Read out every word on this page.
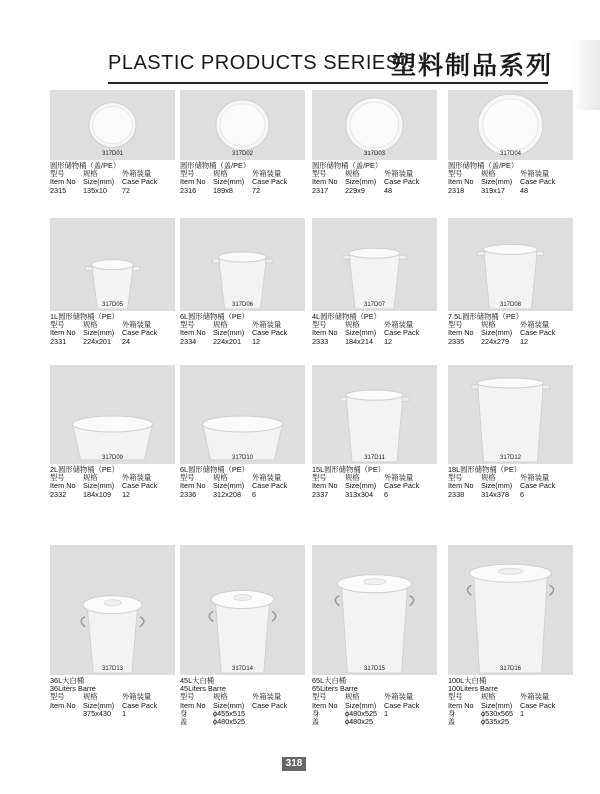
PLASTIC PRODUCTS SERIES
塑料制品系列
317D01
圆形储物桶（盖/PE）
型号	规格	外箱装量
Item No Size(mm) Case Pack
2315 135x10 72
317D02
圆形储物桶（盖/PE）
型号	规格	外箱装量
Item No Size(mm) Case Pack
2316 189x8	72
317D03
圆形储物桶（盖/PE）
型号	规格	外箱装量
Item No Size(mm) Case Pack
2317 229x9	48
317D04
圆形储物桶（盖/PE）
型号	规格	外箱装量
Item No Size(mm) Case Pack
2318 319x17 48
317D05
1L圆形储物桶（PE）
型号	规格	外箱装量
Item No Size(mm) Case Pack
2331 224x201 24
317D06
6L圆形储物桶（PE）
型号	规格	外箱装量
Item No Size(mm) Case Pack
2334 224x201 12
317D07
4L圆形储物桶（PE）
型号	规格	外箱装量
Item No Size(mm) Case Pack
2333 184x214 12
317D08
7.5L圆形储物桶（PE）
型号	规格	外箱装量
Item No Size(mm) Case Pack
2335 224x279 12
317D09
2L圆形储物桶（PE）
型号	规格	外箱装量
Item No Size(mm) Case Pack
2332 184x109 12
317D10
6L圆形储物桶（PE）
型号	规格	外箱装量
Item No Size(mm) Case Pack
2336 312x208 6
317D11
15L圆形储物桶（PE）
型号	规格	外箱装量
Item No Size(mm) Case Pack
2337 313x304 6
317D12
18L圆形储物桶（PE）
型号	规格	外箱装量
Item No Size(mm) Case Pack
2338 314x378 6
317D13
36L大白桶
36Liters Barre
型号	规格	外箱装量
Item No Size(mm) Case Pack
375x430 1
317D14
45L大白桶
45Liters Barre
型号	规格	外箱装量
Item No Size(mm) Case Pack
身	ϕ455x515
盖	ϕ480x525
317D15
65L大白桶
65Liters Barre
型号	规格	外箱装量
Item No Size(mm) Case Pack
身	ϕ480x525 1
盖	ϕ480x25
317D16
100L大白桶
100Liters Barre
型号	规格	外箱装量
Item No Size(mm) Case Pack
身	ϕ530x565 1
盖	ϕ535x25
318
